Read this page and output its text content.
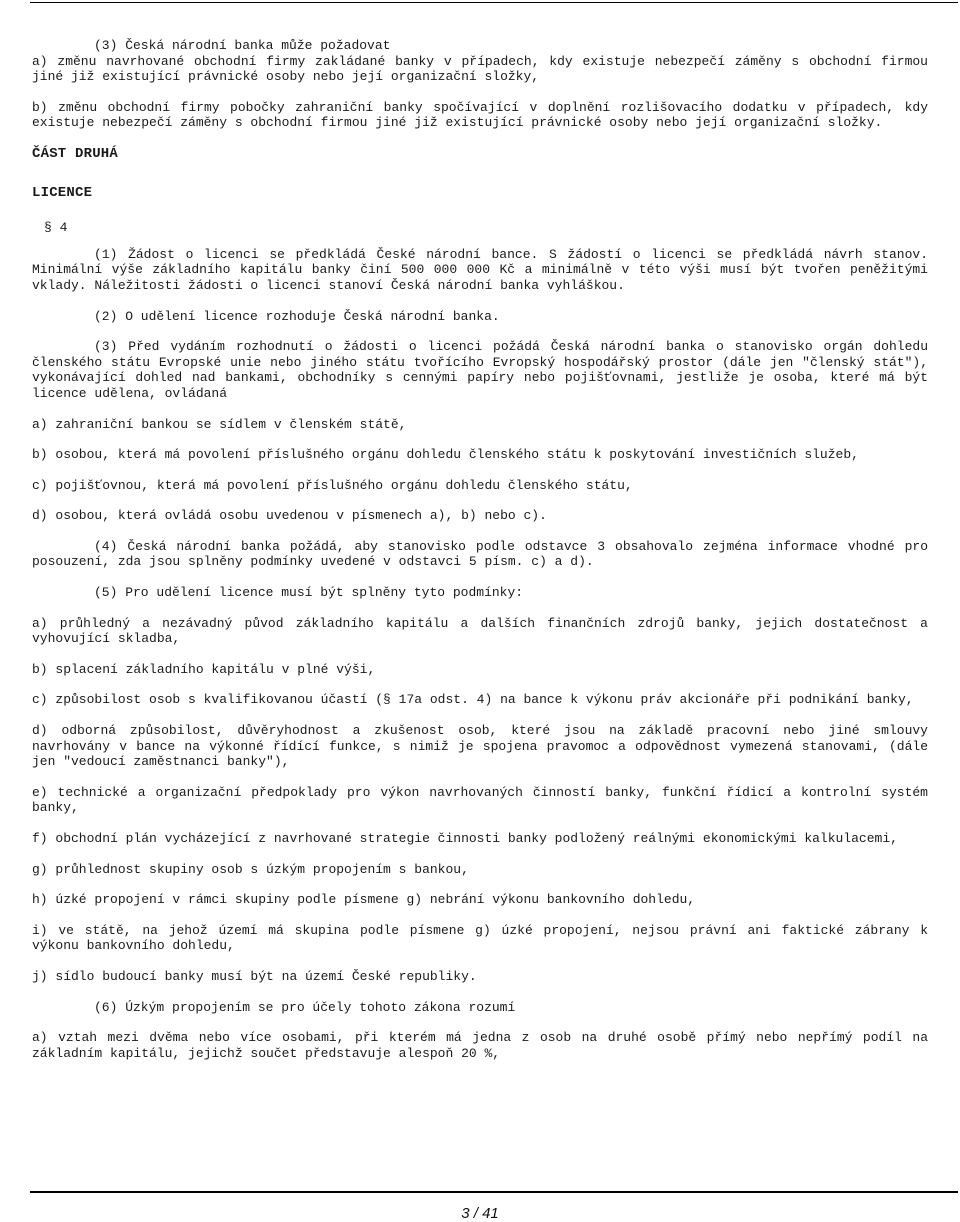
(3) Česká národní banka může požadovat

a) změnu navrhované obchodní firmy zakládané banky v případech, kdy existuje nebezpečí záměny s obchodní firmou jiné již existující právnické osoby nebo její organizační složky,

b) změnu obchodní firmy pobočky zahraniční banky spočívající v doplnění rozlišovacího dodatku v případech, kdy existuje nebezpečí záměny s obchodní firmou jiné již existující právnické osoby nebo její organizační složky.

ČÁST DRUHÁ

LICENCE

§ 4

(1) Žádost o licenci se předkládá České národní bance. S žádostí o licenci se předkládá návrh stanov. Minimální výše základního kapitálu banky činí 500 000 000 Kč a minimálně v této výši musí být tvořen peněžitými vklady. Náležitosti žádosti o licenci stanoví Česká národní banka vyhláškou.

(2) O udělení licence rozhoduje Česká národní banka.

(3) Před vydáním rozhodnutí o žádosti o licenci požádá Česká národní banka o stanovisko orgán dohledu členského státu Evropské unie nebo jiného státu tvořícího Evropský hospodářský prostor (dále jen "členský stát"), vykonávající dohled nad bankami, obchodníky s cennými papíry nebo pojišťovnami, jestliže je osoba, které má být licence udělena, ovládaná

a) zahraniční bankou se sídlem v členském státě,

b) osobou, která má povolení příslušného orgánu dohledu členského státu k poskytování investičních služeb,

c) pojišťovnou, která má povolení příslušného orgánu dohledu členského státu,

d) osobou, která ovládá osobu uvedenou v písmenech a), b) nebo c).

(4) Česká národní banka požádá, aby stanovisko podle odstavce 3 obsahovalo zejména informace vhodné pro posouzení, zda jsou splněny podmínky uvedené v odstavci 5 písm. c) a d).

(5) Pro udělení licence musí být splněny tyto podmínky:

a) průhledný a nezávadný původ základního kapitálu a dalších finančních zdrojů banky, jejich dostatečnost a vyhovující skladba,

b) splacení základního kapitálu v plné výši,

c) způsobilost osob s kvalifikovanou účastí (§ 17a odst. 4) na bance k výkonu práv akcionáře při podnikání banky,

d) odborná způsobilost, důvěryhodnost a zkušenost osob, které jsou na základě pracovní nebo jiné smlouvy navrhovány v bance na výkonné řídící funkce, s nimiž je spojena pravomoc a odpovědnost vymezená stanovami, (dále jen "vedoucí zaměstnanci banky"),

e) technické a organizační předpoklady pro výkon navrhovaných činností banky, funkční řídicí a kontrolní systém banky,

f) obchodní plán vycházející z navrhované strategie činnosti banky podložený reálnými ekonomickými kalkulacemi,

g) průhlednost skupiny osob s úzkým propojením s bankou,

h) úzké propojení v rámci skupiny podle písmene g) nebrání výkonu bankovního dohledu,

i) ve státě, na jehož území má skupina podle písmene g) úzké propojení, nejsou právní ani faktické zábrany k výkonu bankovního dohledu,

j) sídlo budoucí banky musí být na území České republiky.

(6) Úzkým propojením se pro účely tohoto zákona rozumí

a) vztah mezi dvěma nebo více osobami, při kterém má jedna z osob na druhé osobě přímý nebo nepřímý podíl na základním kapitálu, jejichž součet představuje alespoň 20 %,

3 / 41
